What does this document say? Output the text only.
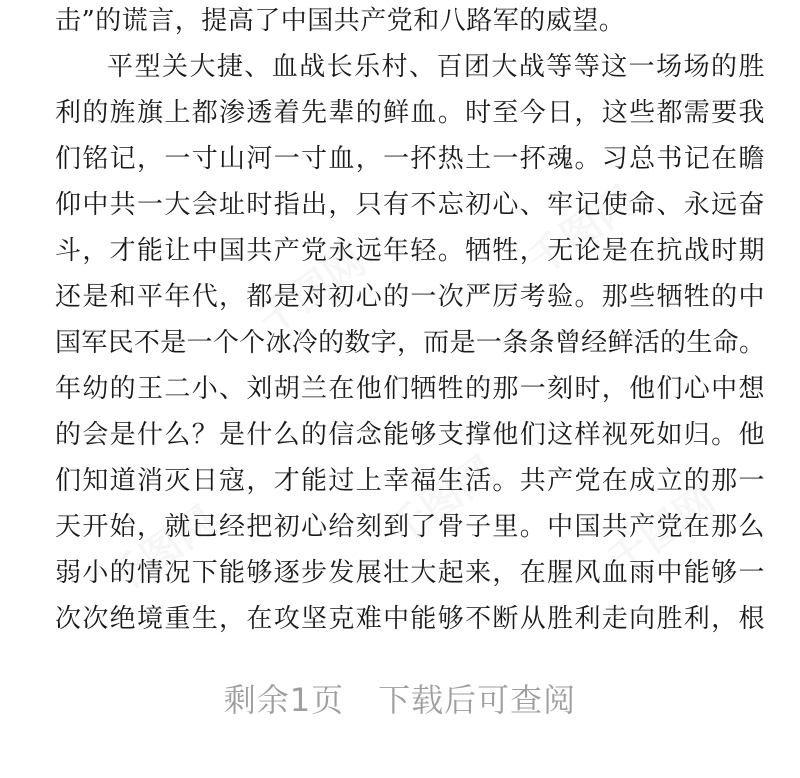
千图网
千图网
千图网
千图网	千图网
击”的谎言，提高了中国共产党和八路军的威望。
平型关大捷、血战长乐村、百团大战等等这一场场的胜
利的旌旗上都渗透着先辈的鲜血。时至今日，这些都需要我
们铭记，一寸山河一寸血，一抔热土一抔魂。习总书记在瞻
仰中共一大会址时指出，只有不忘初心、牢记使命、永远奋
斗，才能让中国共产党永远年轻。牺牲，无论是在抗战时期
还是和平年代，都是对初心的一次严厉考验。那些牺牲的中
国军民不是一个个冰冷的数字，而是一条条曾经鲜活的生命。
年幼的王二小、刘胡兰在他们牺牲的那一刻时，他们心中想
的会是什么？是什么的信念能够支撑他们这样视死如归。他
们知道消灭日寇，才能过上幸福生活。共产党在成立的那一
天开始，就已经把初心给刻到了骨子里。中国共产党在那么
弱小的情况下能够逐步发展壮大起来，在腥风血雨中能够一
次次绝境重生，在攻坚克难中能够不断从胜利走向胜利，根
剩余1页 下载后可查阅
